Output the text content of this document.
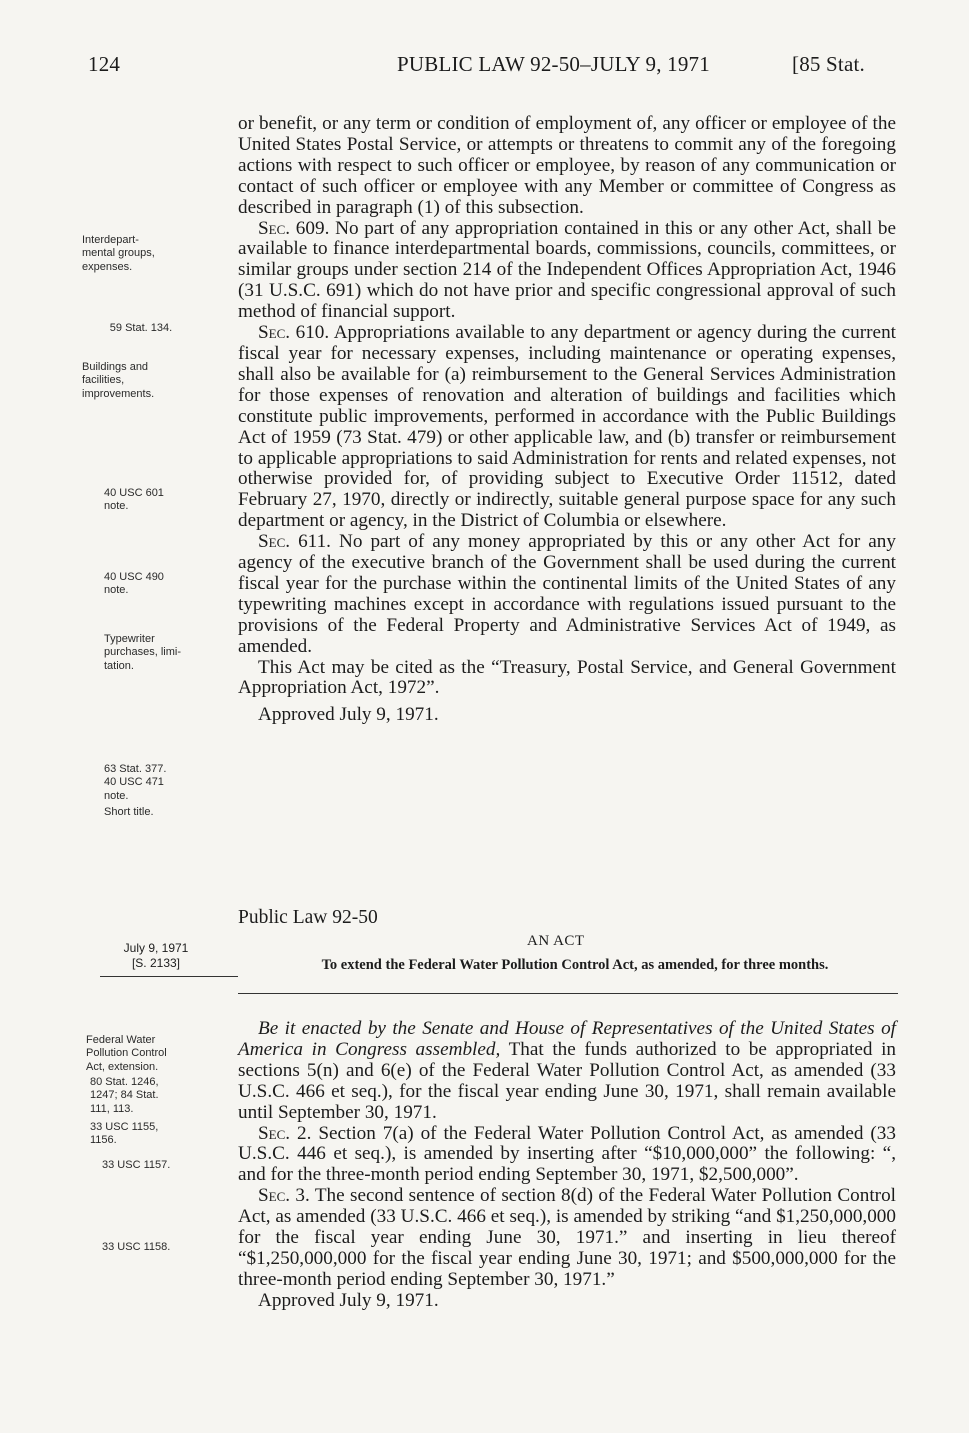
124	PUBLIC LAW 92-50–JULY 9, 1971	[85 Stat.
Interdepart-
mental groups,
expenses.
59 Stat. 134.
Buildings and
facilities,
improvements.
40 USC 601
note.
40 USC 490
note.
Typewriter
purchases, limi-
tation.
63 Stat. 377.
40 USC 471
note.
Short title.
Federal Water
Pollution Control
Act, extension.
80 Stat. 1246,
1247; 84 Stat.
111, 113.
33 USC 1155,
1156.
33 USC 1157.
33 USC 1158.

or benefit, or any term or condition of employment of, any officer or employee of the United States Postal Service, or attempts or threatens to commit any of the foregoing actions with respect to such officer or employee, by reason of any communication or contact of such officer or employee with any Member or committee of Congress as described in paragraph (1) of this subsection.

Sec. 609. No part of any appropriation contained in this or any other Act, shall be available to finance interdepartmental boards, commissions, councils, committees, or similar groups under section 214 of the Independent Offices Appropriation Act, 1946 (31 U.S.C. 691) which do not have prior and specific congressional approval of such method of financial support.

Sec. 610. Appropriations available to any department or agency during the current fiscal year for necessary expenses, including maintenance or operating expenses, shall also be available for (a) reimbursement to the General Services Administration for those expenses of renovation and alteration of buildings and facilities which constitute public improvements, performed in accordance with the Public Buildings Act of 1959 (73 Stat. 479) or other applicable law, and (b) transfer or reimbursement to applicable appropriations to said Administration for rents and related expenses, not otherwise provided for, of providing subject to Executive Order 11512, dated February 27, 1970, directly or indirectly, suitable general purpose space for any such department or agency, in the District of Columbia or elsewhere.

Sec. 611. No part of any money appropriated by this or any other Act for any agency of the executive branch of the Government shall be used during the current fiscal year for the purchase within the continental limits of the United States of any typewriting machines except in accordance with regulations issued pursuant to the provisions of the Federal Property and Administrative Services Act of 1949, as amended.

This Act may be cited as the “Treasury, Postal Service, and General Government Appropriation Act, 1972”.

Approved July 9, 1971.

Public Law 92-50
AN ACT
To extend the Federal Water Pollution Control Act, as amended, for three months.
July 9, 1971
[S. 2133]

Be it enacted by the Senate and House of Representatives of the United States of America in Congress assembled, That the funds authorized to be appropriated in sections 5(n) and 6(e) of the Federal Water Pollution Control Act, as amended (33 U.S.C. 466 et seq.), for the fiscal year ending June 30, 1971, shall remain available until September 30, 1971.

Sec. 2. Section 7(a) of the Federal Water Pollution Control Act, as amended (33 U.S.C. 446 et seq.), is amended by inserting after “$10,000,000” the following: “, and for the three-month period ending September 30, 1971, $2,500,000”.

Sec. 3. The second sentence of section 8(d) of the Federal Water Pollution Control Act, as amended (33 U.S.C. 466 et seq.), is amended by striking “and $1,250,000,000 for the fiscal year ending June 30, 1971.” and inserting in lieu thereof “$1,250,000,000 for the fiscal year ending June 30, 1971; and $500,000,000 for the three-month period ending September 30, 1971.”

Approved July 9, 1971.
